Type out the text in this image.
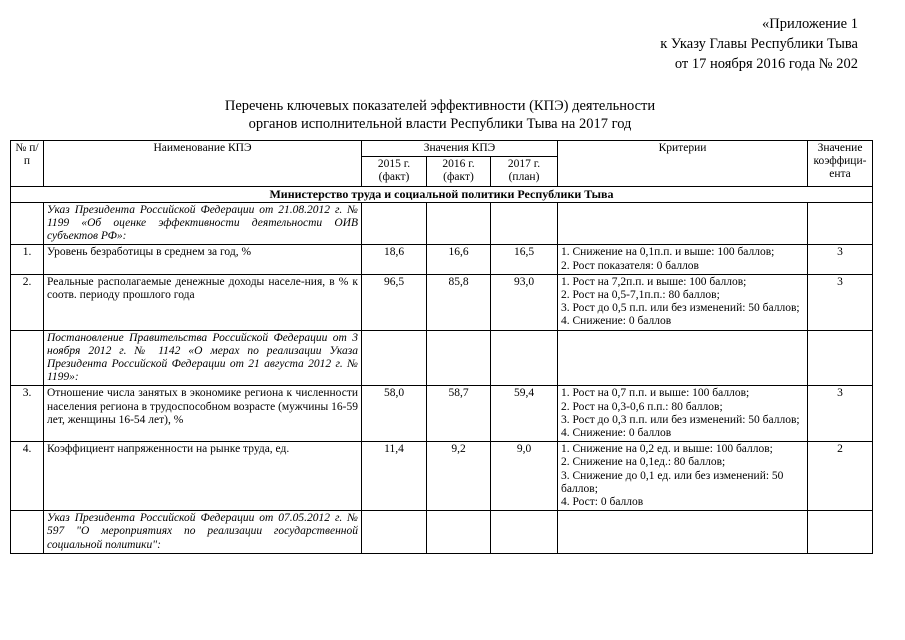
«Приложение 1
к Указу Главы Республики Тыва
от 17 ноября 2016 года № 202
Перечень ключевых показателей эффективности (КПЭ) деятельности
органов исполнительной власти Республики Тыва на 2017 год
№ п/п	Наименование КПЭ	Значения КПЭ			Критерии	Значение коэффици-ента
		2015 г. (факт)	2016 г. (факт)	2017 г. (план)		
Министерство труда и социальной политики Республики Тыва						
	Указ Президента Российской Федерации от 21.08.2012 г. № 1199 «Об оценке эффективности деятельности ОИВ субъектов РФ»:					
1.	Уровень безработицы в среднем за год, %	18,6	16,6	16,5	1. Снижение на 0,1п.п. и выше: 100 баллов;
2. Рост показателя: 0 баллов	3
2.	Реальные располагаемые денежные доходы населе-ния, в % к соотв. периоду прошлого года	96,5	85,8	93,0	1. Рост на 7,2п.п. и выше: 100 баллов;
2. Рост на 0,5-7,1п.п.: 80 баллов;
3. Рост до 0,5 п.п. или без изменений: 50 баллов;
4. Снижение: 0 баллов	3
	Постановление Правительства Российской Федерации от 3 ноября 2012 г. № 1142 «О мерах по реализации Указа Президента Российской Федерации от 21 августа 2012 г. № 1199»:					
3.	Отношение числа занятых в экономике региона к численности населения региона в трудоспособном возрасте (мужчины 16-59 лет, женщины 16-54 лет), %	58,0	58,7	59,4	1. Рост на 0,7 п.п. и выше: 100 баллов;
2. Рост на 0,3-0,6 п.п.: 80 баллов;
3. Рост до 0,3 п.п. или без изменений: 50 баллов;
4. Снижение: 0 баллов	3
4.	Коэффициент напряженности на рынке труда, ед.	11,4	9,2	9,0	1. Снижение на 0,2 ед. и выше: 100 баллов;
2. Снижение на 0,1ед.: 80 баллов;
3. Снижение до 0,1 ед. или без изменений: 50 баллов;
4. Рост: 0 баллов	2
	Указ Президента Российской Федерации от 07.05.2012 г. № 597 "О мероприятиях по реализации государственной социальной политики":					
